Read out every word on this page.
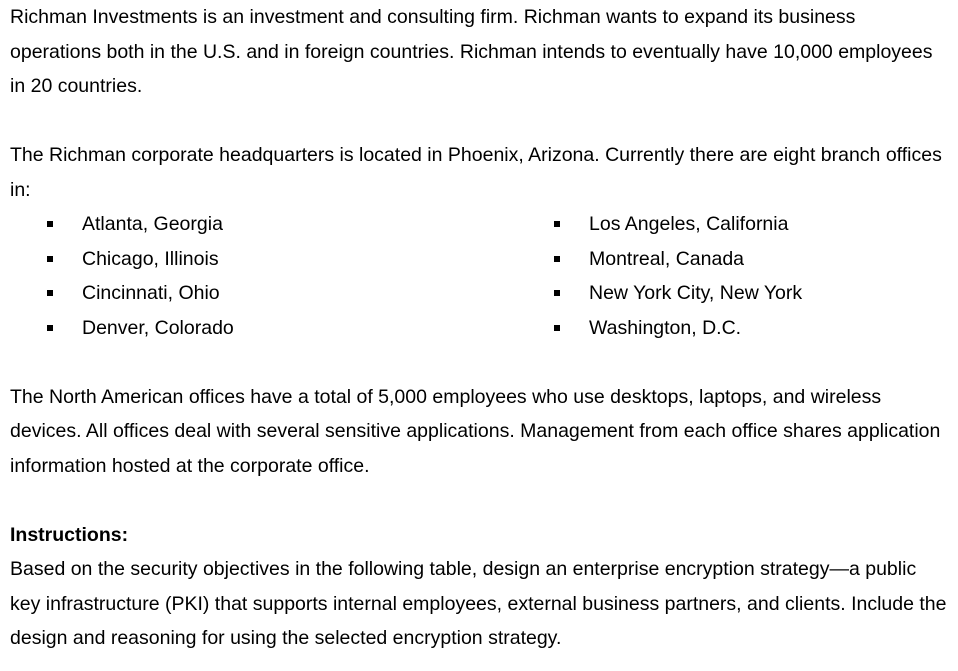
Richman Investments is an investment and consulting firm. Richman wants to expand its business operations both in the U.S. and in foreign countries. Richman intends to eventually have 10,000 employees in 20 countries.

The Richman corporate headquarters is located in Phoenix, Arizona. Currently there are eight branch offices in:

Atlanta, Georgia
Chicago, Illinois
Cincinnati, Ohio
Denver, Colorado
Los Angeles, California
Montreal, Canada
New York City, New York
Washington, D.C.

The North American offices have a total of 5,000 employees who use desktops, laptops, and wireless devices. All offices deal with several sensitive applications. Management from each office shares application information hosted at the corporate office.

Instructions:

Based on the security objectives in the following table, design an enterprise encryption strategy—a public key infrastructure (PKI) that supports internal employees, external business partners, and clients. Include the design and reasoning for using the selected encryption strategy.
